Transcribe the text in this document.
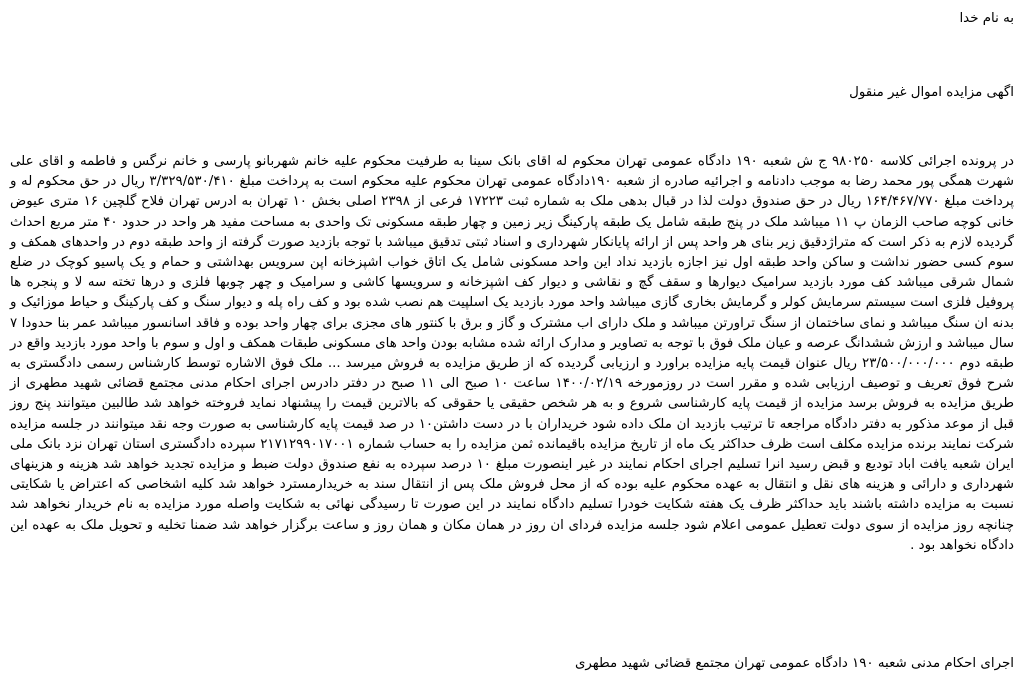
به نام خدا

اگهی مزایده اموال غیر منقول

در پرونده اجرائی کلاسه ۹۸۰۲۵۰ ج ش شعبه ۱۹۰ دادگاه عمومی تهران محکوم له اقای بانک سینا به طرفیت محکوم علیه خانم شهربانو پارسی و خانم نرگس و فاطمه و اقای علی شهرت همگی پور محمد رضا به موجب دادنامه و اجرائیه صادره از شعبه ۱۹۰دادگاه عمومی تهران محکوم علیه محکوم است به پرداخت مبلغ ۳/۳۲۹/۵۳۰/۴۱۰ ریال در حق محکوم له و پرداخت مبلغ ۱۶۴/۴۶۷/۷۷۰ ریال در حق صندوق دولت لذا در قبال بدهی ملک به شماره ثبت ۱۷۲۲۳ فرعی از ۲۳۹۸ اصلی بخش ۱۰ تهران به ادرس تهران فلاح گلچین ۱۶ متری عیوض خانی کوچه صاحب الزمان پ ۱۱ میباشد ملک در پنج طبقه شامل یک طبقه پارکینگ زیر زمین و چهار طبقه مسکونی تک واحدی به مساحت مفید هر واحد در حدود ۴۰ متر مربع احداث گردیده لازم به ذکر است که متراژدقیق زیر بنای هر واحد پس از ارائه پایانکار شهرداری و اسناد ثبتی تدقیق میباشد با توجه بازدید صورت گرفته از واحد طبقه دوم در واحدهای همکف و سوم کسی حضور نداشت و ساکن واحد طبقه اول نیز اجازه بازدید نداد این واحد مسکونی شامل یک اتاق خواب اشپزخانه اپن سرویس بهداشتی و حمام و یک پاسیو کوچک در ضلع شمال شرقی میباشد کف مورد بازدید سرامیک دیوارها و سقف گچ و نقاشی و دیوار کف اشپزخانه و سرویسها کاشی و سرامیک و چهر چوبها فلزی و درها تخته سه لا و پنجره ها پروفیل فلزی است سیستم سرمایش کولر و گرمایش بخاری گازی میباشد واحد مورد بازدید یک اسلپیت هم نصب شده بود و کف راه پله و دیوار سنگ و کف پارکینگ و حیاط موزائیک و بدنه ان سنگ میباشد و نمای ساختمان از سنگ تراورتن میباشد و ملک دارای اب مشترک و گاز و برق با کنتور های مجزی برای چهار واحد بوده و فاقد اسانسور میباشد عمر بنا حدودا ۷ سال میباشد و ارزش ششدانگ عرصه و عیان ملک فوق با توجه به تصاویر و مدارک ارائه شده مشابه بودن واحد های مسکونی طبقات همکف و اول و سوم با واحد مورد بازدید واقع در طبقه دوم ۲۳/۵۰۰/۰۰۰/۰۰۰ ریال عنوان قیمت پایه مزایده براورد و ارزیابی گردیده که از طریق مزایده به فروش میرسد ... ملک فوق الاشاره توسط کارشناس رسمی دادگستری به شرح فوق تعریف و توصیف ارزیابی شده و مقرر است در روزمورخه ۱۴۰۰/۰۲/۱۹ ساعت ۱۰ صبح الی ۱۱ صبح در دفتر دادرس اجرای احکام مدنی مجتمع قضائی شهید مطهری از طریق مزایده به فروش برسد مزایده از قیمت پایه کارشناسی شروع و به هر شخص حقیقی یا حقوقی که بالاترین قیمت را پیشنهاد نماید فروخته خواهد شد طالبین میتوانند پنج روز قبل از موعد مذکور به دفتر دادگاه مراجعه تا ترتیب بازدید ان ملک داده شود خریداران با در دست داشتن۱۰ در صد قیمت پایه کارشناسی به صورت وجه نقد میتوانند در جلسه مزایده شرکت نمایند برنده مزایده مکلف است ظرف حداکثر یک ماه از تاریخ مزایده باقیمانده ثمن مزایده را به حساب شماره ۲۱۷۱۲۹۹۰۱۷۰۰۱ سپرده دادگستری استان تهران نزد بانک ملی ایران شعبه یافت اباد تودیع و قبض رسید انرا تسلیم اجرای احکام نمایند در غیر اینصورت مبلغ ۱۰ درصد سپرده به نفع صندوق دولت ضبط و مزایده تجدید خواهد شد هزینه و هزینهای شهرداری و دارائی و هزینه های نقل و انتقال به عهده محکوم علیه بوده که از محل فروش ملک پس از انتقال سند به خریدارمسترد خواهد شد کلیه اشخاصی که اعتراض یا شکایتی نسبت به مزایده داشته باشند باید حداکثر ظرف یک هفته شکایت خودرا تسلیم دادگاه نمایند در این صورت تا رسیدگی نهائی به شکایت واصله مورد مزایده به نام خریدار نخواهد شد چنانچه روز مزایده از سوی دولت تعطیل عمومی اعلام شود جلسه مزایده فردای ان روز در همان مکان و همان روز و ساعت برگزار خواهد شد ضمنا تخلیه و تحویل ملک به عهده این دادگاه نخواهد بود .

اجرای احکام مدنی شعبه ۱۹۰ دادگاه عمومی تهران مجتمع قضائی شهید مطهری
